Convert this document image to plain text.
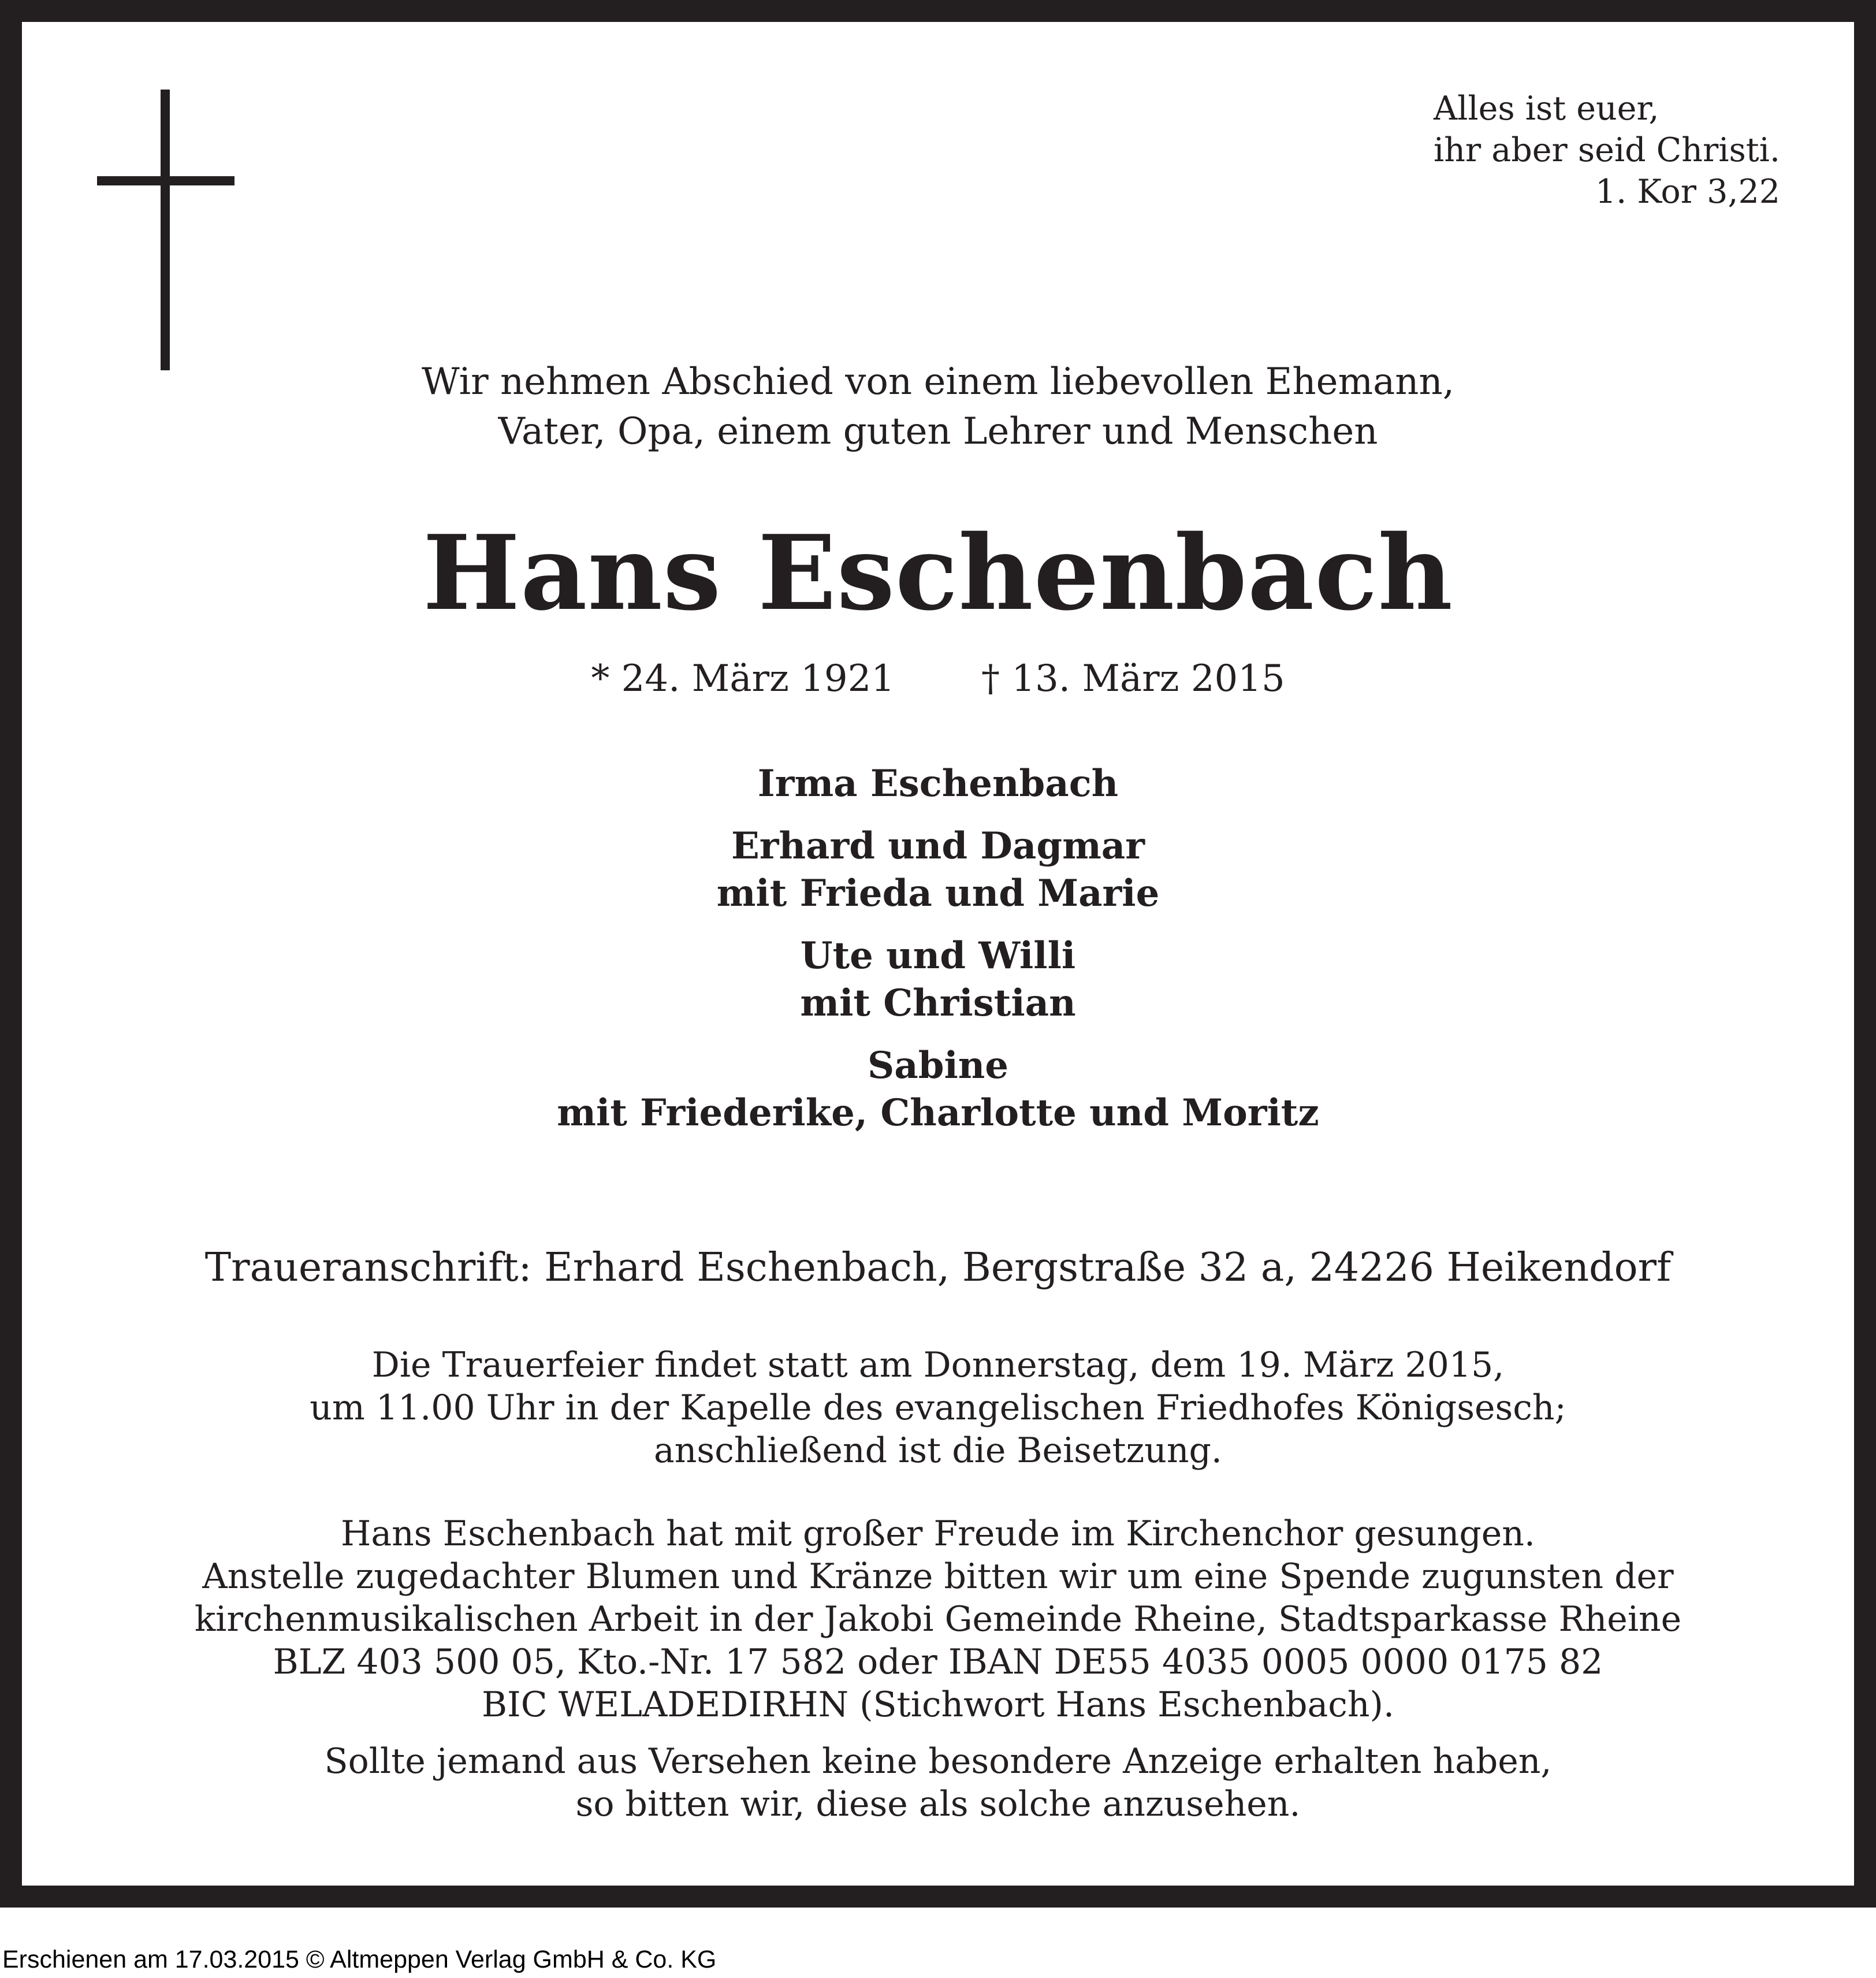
Alles ist euer,
ihr aber seid Christi.
1. Kor 3,22
Wir nehmen Abschied von einem liebevollen Ehemann,
Vater, Opa, einem guten Lehrer und Menschen
Hans Eschenbach
* 24. März 1921 † 13. März 2015
Irma Eschenbach
Erhard und Dagmar
mit Frieda und Marie
Ute und Willi
mit Christian
Sabine
mit Friederike, Charlotte und Moritz
Traueranschrift: Erhard Eschenbach, Bergstraße 32 a, 24226 Heikendorf
Die Trauerfeier findet statt am Donnerstag, dem 19. März 2015,
um 11.00 Uhr in der Kapelle des evangelischen Friedhofes Königsesch;
anschließend ist die Beisetzung.
Hans Eschenbach hat mit großer Freude im Kirchenchor gesungen.
Anstelle zugedachter Blumen und Kränze bitten wir um eine Spende zugunsten der
kirchenmusikalischen Arbeit in der Jakobi Gemeinde Rheine, Stadtsparkasse Rheine
BLZ 403 500 05, Kto.-Nr. 17 582 oder IBAN DE55 4035 0005 0000 0175 82
BIC WELADEDIRHN (Stichwort Hans Eschenbach).
Sollte jemand aus Versehen keine besondere Anzeige erhalten haben,
so bitten wir, diese als solche anzusehen.
Erschienen am 17.03.2015 © Altmeppen Verlag GmbH & Co. KG
